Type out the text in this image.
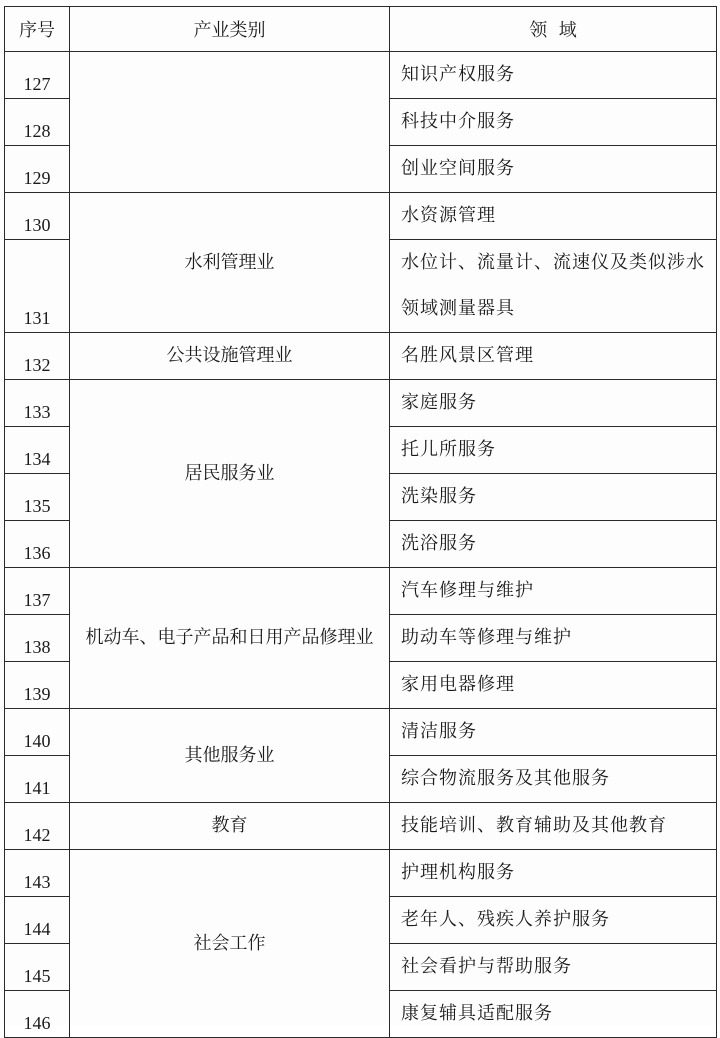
序号	产业类别	领  域
127		知识产权服务
128		科技中介服务
129		创业空间服务
130	水利管理业	水资源管理
131		水位计、流量计、流速仪及类似涉水领域测量器具
132	公共设施管理业	名胜风景区管理
133	居民服务业	家庭服务
134		托儿所服务
135		洗染服务
136		洗浴服务
137	机动车、电子产品和日用产品修理业	汽车修理与维护
138		助动车等修理与维护
139		家用电器修理
140	其他服务业	清洁服务
141		综合物流服务及其他服务
142	教育	技能培训、教育辅助及其他教育
143	社会工作	护理机构服务
144		老年人、残疾人养护服务
145		社会看护与帮助服务
146		康复辅具适配服务
